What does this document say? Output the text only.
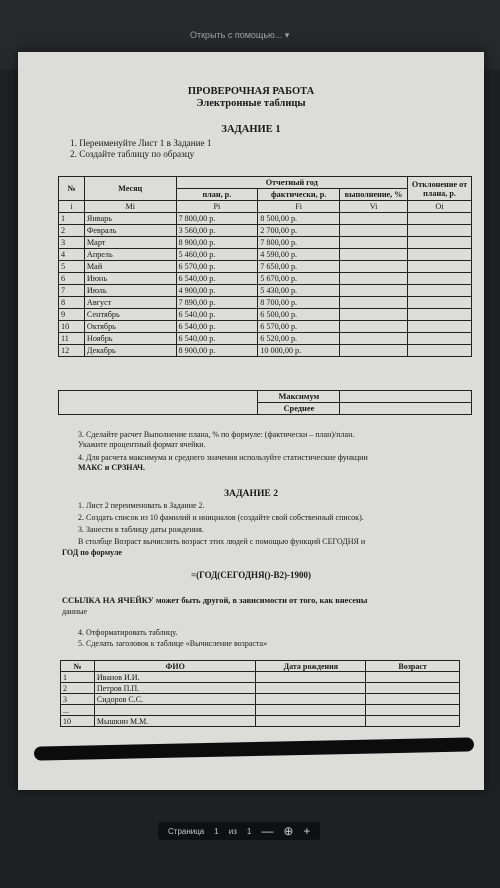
Открыть с помощью... ▾
ПРОВЕРОЧНАЯ РАБОТА
Электронные таблицы
ЗАДАНИЕ 1
1. Переименуйте Лист 1 в Задание 1
2. Создайте таблицу по образцу
№	Месяц	Отчетный год			Отклонение от плана, р.
		план, р.	фактически, р.	выполнение, %	
i	Mi	Pi	Fi	Vi	Oi
1	Январь	7 800,00 р.	8 500,00 р.		
2	Февраль	3 560,00 р.	2 700,00 р.		
3	Март	8 900,00 р.	7 800,00 р.		
4	Апрель	5 460,00 р.	4 590,00 р.		
5	Май	6 570,00 р.	7 650,00 р.		
6	Июнь	6 540,00 р.	5 670,00 р.		
7	Июль	4 900,00 р.	5 430,00 р.		
8	Август	7 890,00 р.	8 700,00 р.		
9	Сентябрь	6 540,00 р.	6 500,00 р.		
10	Октябрь	6 540,00 р.	6 570,00 р.		
11	Ноябрь	6 540,00 р.	6 520,00 р.		
12	Декабрь	8 900,00 р.	10 000,00 р.		
	Максимум	
	Среднее	
3. Сделайте расчет Выполнение плана, % по формуле: (фактически – план)/план.
Укажите процентный формат ячейки.
4. Для расчета максимума и среднего значения используйте статистические функции
МАКС и СРЗНАЧ.
ЗАДАНИЕ 2
1. Лист 2 переименовать в Задание 2.
2. Создать список из 10 фамилий и инициалов (создайте свой собственный список).
3. Занести в таблицу даты рождения.
В столбце Возраст вычислить возраст этих людей с помощью функций СЕГОДНЯ и
ГОД по формуле
=(ГОД(СЕГОДНЯ()-В2)-1900)
ССЫЛКА НА ЯЧЕЙКУ может быть другой, в зависимости от того, как внесены
данные
4. Отформатировать таблицу.
5. Сделать заголовок к таблице «Вычисление возраста»
№	ФИО	Дата рождения	Возраст
1	Иванов И.И.		
2	Петров П.П.		
3	Сидоров С.С.		
...			
10	Мышкин М.М.		
Страница 1 из 1 — ⊕ +
